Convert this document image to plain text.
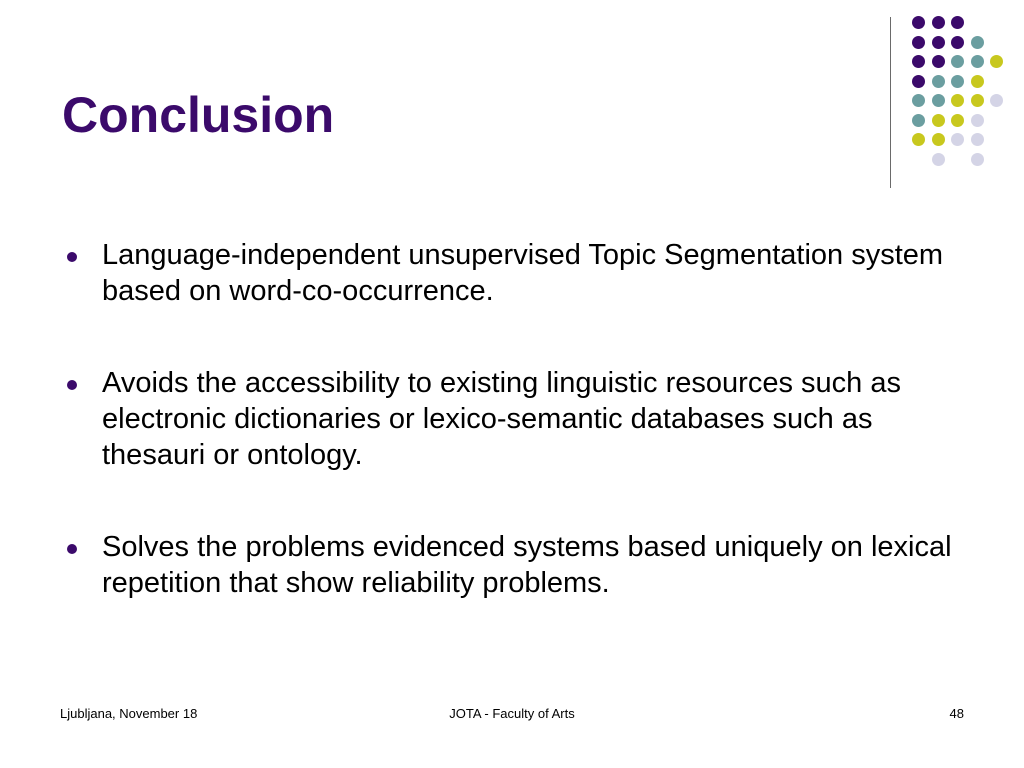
Conclusion
Language-independent unsupervised Topic Segmentation system based on word-co-occurrence.
Avoids the accessibility to existing linguistic resources such as electronic dictionaries or lexico-semantic databases such as thesauri or ontology.
Solves the problems evidenced systems based uniquely on lexical repetition that show reliability problems.
Ljubljana, November 18	JOTA - Faculty of Arts	48
